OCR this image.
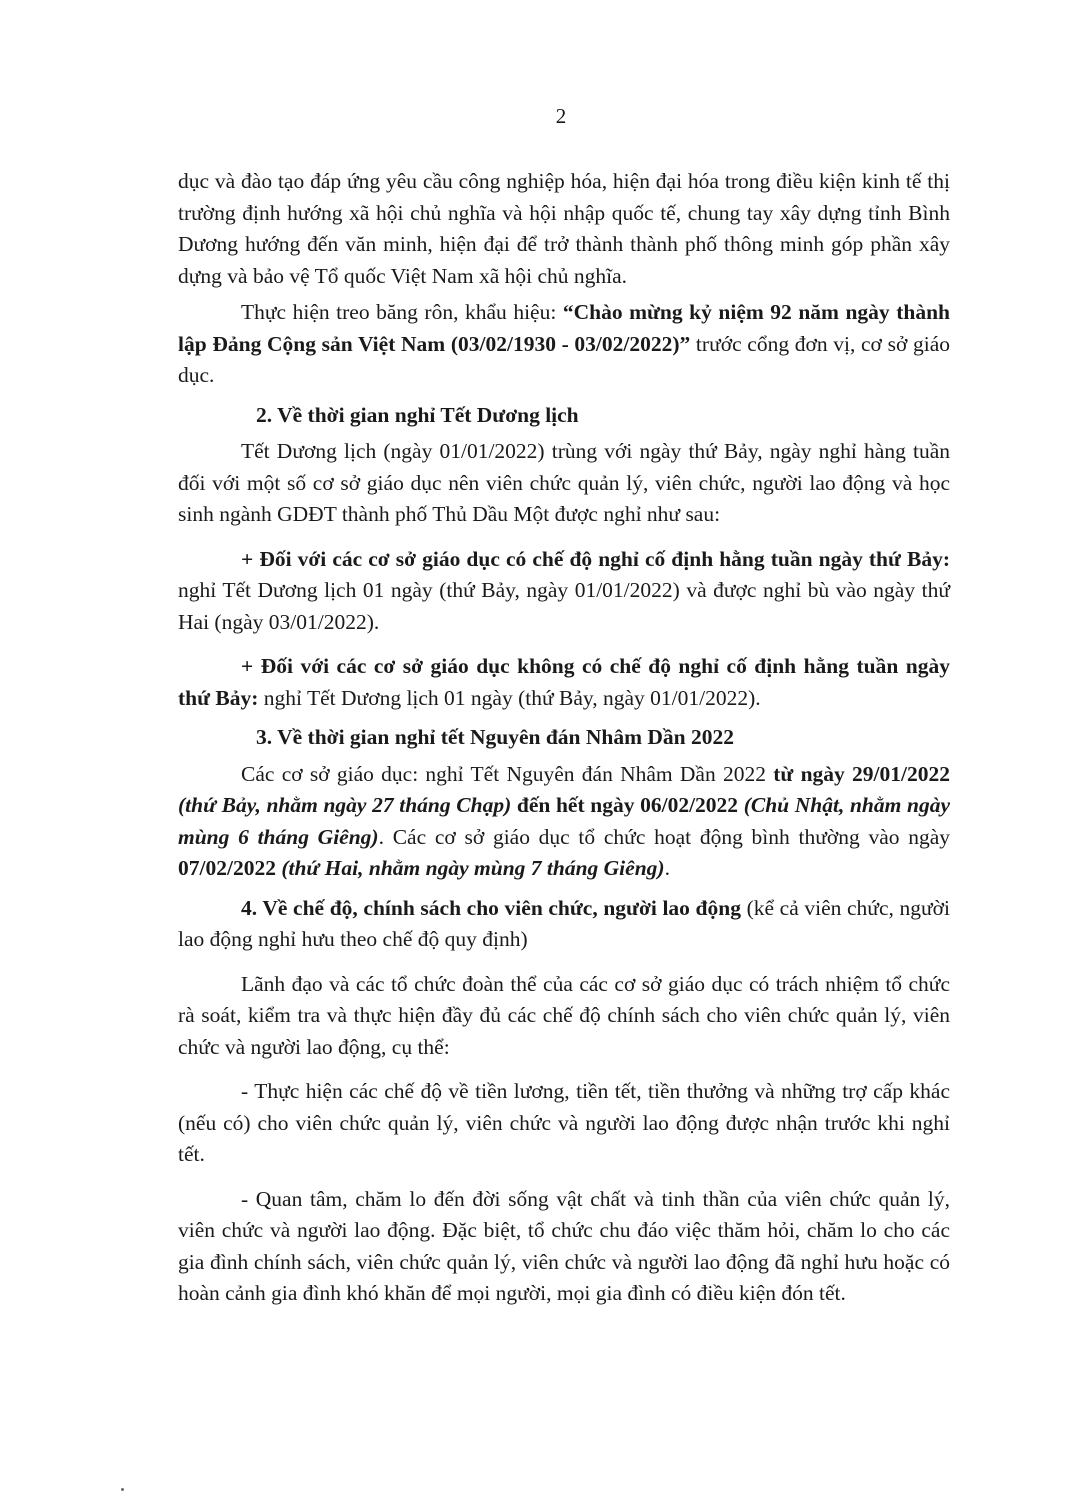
2

dục và đào tạo đáp ứng yêu cầu công nghiệp hóa, hiện đại hóa trong điều kiện kinh tế thị trường định hướng xã hội chủ nghĩa và hội nhập quốc tế, chung tay xây dựng tỉnh Bình Dương hướng đến văn minh, hiện đại để trở thành thành phố thông minh góp phần xây dựng và bảo vệ Tổ quốc Việt Nam xã hội chủ nghĩa.

Thực hiện treo băng rôn, khẩu hiệu: “Chào mừng kỷ niệm 92 năm ngày thành lập Đảng Cộng sản Việt Nam (03/02/1930 - 03/02/2022)” trước cổng đơn vị, cơ sở giáo dục.

2. Về thời gian nghỉ Tết Dương lịch

Tết Dương lịch (ngày 01/01/2022) trùng với ngày thứ Bảy, ngày nghỉ hàng tuần đối với một số cơ sở giáo dục nên viên chức quản lý, viên chức, người lao động và học sinh ngành GDĐT thành phố Thủ Dầu Một được nghỉ như sau:

+ Đối với các cơ sở giáo dục có chế độ nghỉ cố định hằng tuần ngày thứ Bảy: nghỉ Tết Dương lịch 01 ngày (thứ Bảy, ngày 01/01/2022) và được nghỉ bù vào ngày thứ Hai (ngày 03/01/2022).

+ Đối với các cơ sở giáo dục không có chế độ nghỉ cố định hằng tuần ngày thứ Bảy: nghỉ Tết Dương lịch 01 ngày (thứ Bảy, ngày 01/01/2022).

3. Về thời gian nghỉ tết Nguyên đán Nhâm Dần 2022

Các cơ sở giáo dục: nghỉ Tết Nguyên đán Nhâm Dần 2022 từ ngày 29/01/2022 (thứ Bảy, nhằm ngày 27 tháng Chạp) đến hết ngày 06/02/2022 (Chủ Nhật, nhằm ngày mùng 6 tháng Giêng). Các cơ sở giáo dục tổ chức hoạt động bình thường vào ngày 07/02/2022 (thứ Hai, nhằm ngày mùng 7 tháng Giêng).

4. Về chế độ, chính sách cho viên chức, người lao động (kể cả viên chức, người lao động nghỉ hưu theo chế độ quy định)

Lãnh đạo và các tổ chức đoàn thể của các cơ sở giáo dục có trách nhiệm tổ chức rà soát, kiểm tra và thực hiện đầy đủ các chế độ chính sách cho viên chức quản lý, viên chức và người lao động, cụ thể:

- Thực hiện các chế độ về tiền lương, tiền tết, tiền thưởng và những trợ cấp khác (nếu có) cho viên chức quản lý, viên chức và người lao động được nhận trước khi nghỉ tết.

- Quan tâm, chăm lo đến đời sống vật chất và tinh thần của viên chức quản lý, viên chức và người lao động. Đặc biệt, tổ chức chu đáo việc thăm hỏi, chăm lo cho các gia đình chính sách, viên chức quản lý, viên chức và người lao động đã nghỉ hưu hoặc có hoàn cảnh gia đình khó khăn để mọi người, mọi gia đình có điều kiện đón tết.
